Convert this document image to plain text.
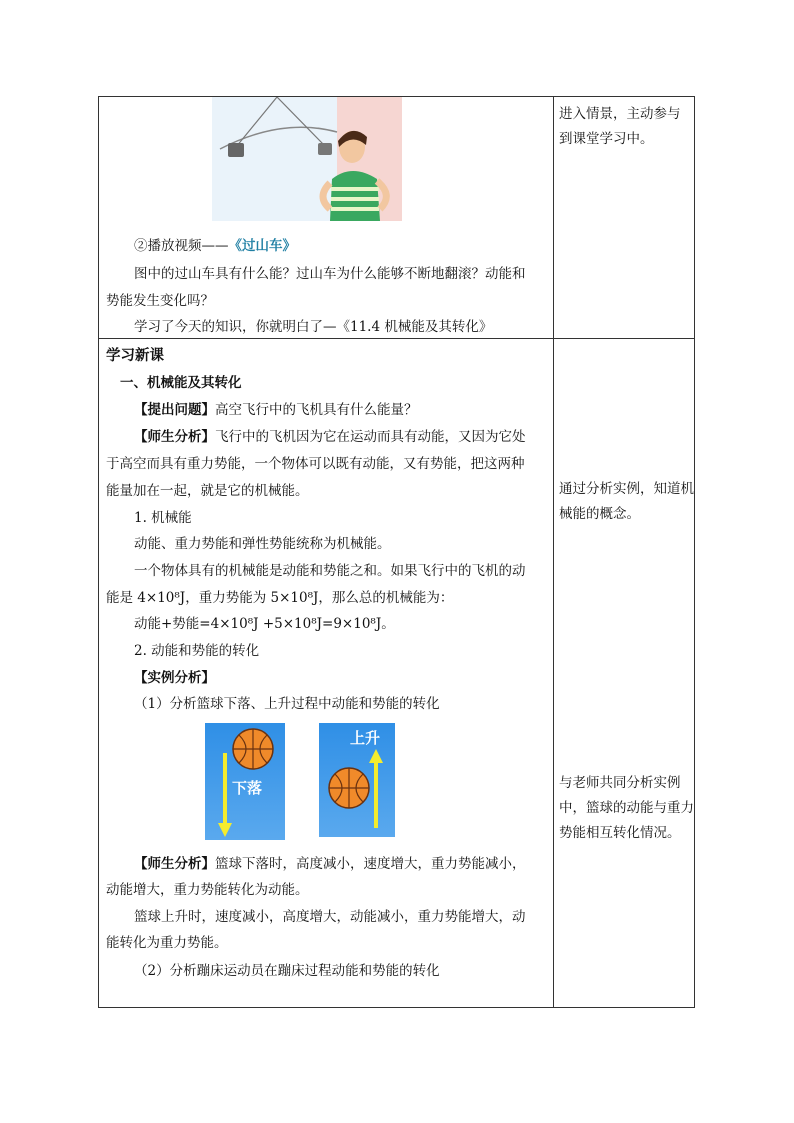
②播放视频——《过山车》
图中的过山车具有什么能？过山车为什么能够不断地翻滚？动能和
势能发生变化吗？
学习了今天的知识，你就明白了—《11.4 机械能及其转化》
进入情景，主动参与
到课堂学习中。
通过分析实例，知道机
械能的概念。
与老师共同分析实例
中，篮球的动能与重力
势能相互转化情况。
学习新课
一、机械能及其转化
【提出问题】高空飞行中的飞机具有什么能量？
【师生分析】飞行中的飞机因为它在运动而具有动能，又因为它处
于高空而具有重力势能，一个物体可以既有动能，又有势能，把这两种
能量加在一起，就是它的机械能。
1. 机械能
动能、重力势能和弹性势能统称为机械能。
一个物体具有的机械能是动能和势能之和。如果飞行中的飞机的动
能是 4×10⁸J，重力势能为 5×10⁸J，那么总的机械能为：
动能+势能=4×10⁸J +5×10⁸J=9×10⁸J。
2. 动能和势能的转化
【实例分析】
（1）分析篮球下落、上升过程中动能和势能的转化
下落
上升
【师生分析】篮球下落时，高度减小，速度增大，重力势能减小，
动能增大，重力势能转化为动能。
篮球上升时，速度减小，高度增大，动能减小，重力势能增大，动
能转化为重力势能。
（2）分析蹦床运动员在蹦床过程动能和势能的转化
